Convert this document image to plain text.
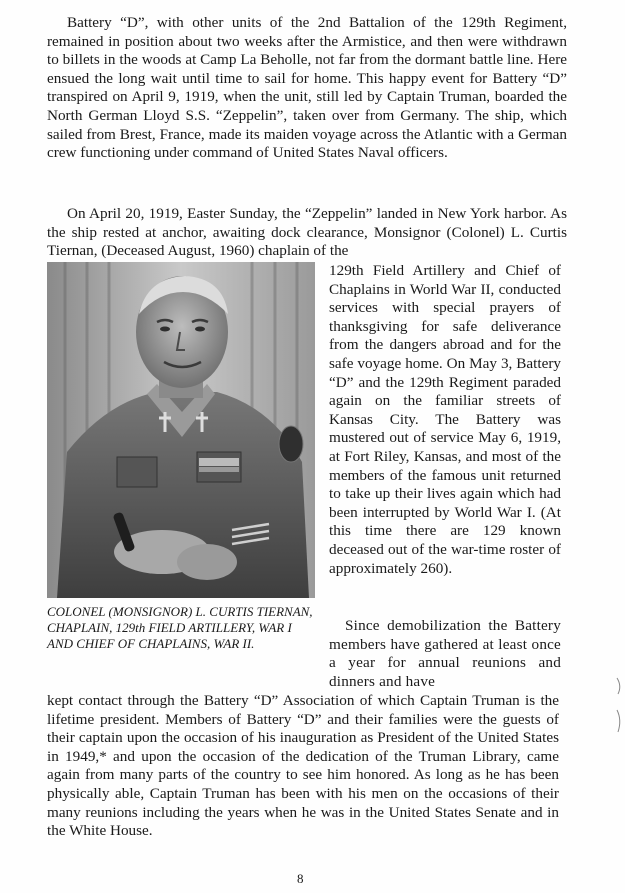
Battery “D”, with other units of the 2nd Battalion of the 129th Regiment, remained in position about two weeks after the Armistice, and then were withdrawn to billets in the woods at Camp La Beholle, not far from the dormant battle line. Here ensued the long wait until time to sail for home. This happy event for Battery “D” transpired on April 9, 1919, when the unit, still led by Captain Truman, boarded the North German Lloyd S.S. “Zeppelin”, taken over from Germany. The ship, which sailed from Brest, France, made its maiden voyage across the Atlantic with a German crew functioning under command of United States Naval officers.

On April 20, 1919, Easter Sunday, the “Zeppelin” landed in New York harbor. As the ship rested at anchor, awaiting dock clearance, Monsignor (Colonel) L. Curtis Tiernan, (Deceased August, 1960) chaplain of the

129th Field Artillery and Chief of Chaplains in World War II, conducted services with special prayers of thanksgiving for safe deliverance from the dangers abroad and for the safe voyage home. On May 3, Battery “D” and the 129th Regiment paraded again on the familiar streets of Kansas City. The Battery was mustered out of service May 6, 1919, at Fort Riley, Kansas, and most of the members of the famous unit returned to take up their lives again which had been interrupted by World War I. (At this time there are 129 known deceased out of the war-time roster of approximately 260).

COLONEL (MONSIGNOR) L. CURTIS TIERNAN, CHAPLAIN, 129th FIELD ARTILLERY, WAR I AND CHIEF OF CHAPLAINS, WAR II.

Since demobilization the Battery members have gathered at least once a year for annual reunions and dinners and have

kept contact through the Battery “D” Association of which Captain Truman is the lifetime president. Members of Battery “D” and their families were the guests of their captain upon the occasion of his inauguration as President of the United States in 1949,* and upon the occasion of the dedication of the Truman Library, came again from many parts of the country to see him honored. As long as he has been physically able, Captain Truman has been with his men on the occasions of their many reunions including the years when he was in the United States Senate and in the White House.

8
